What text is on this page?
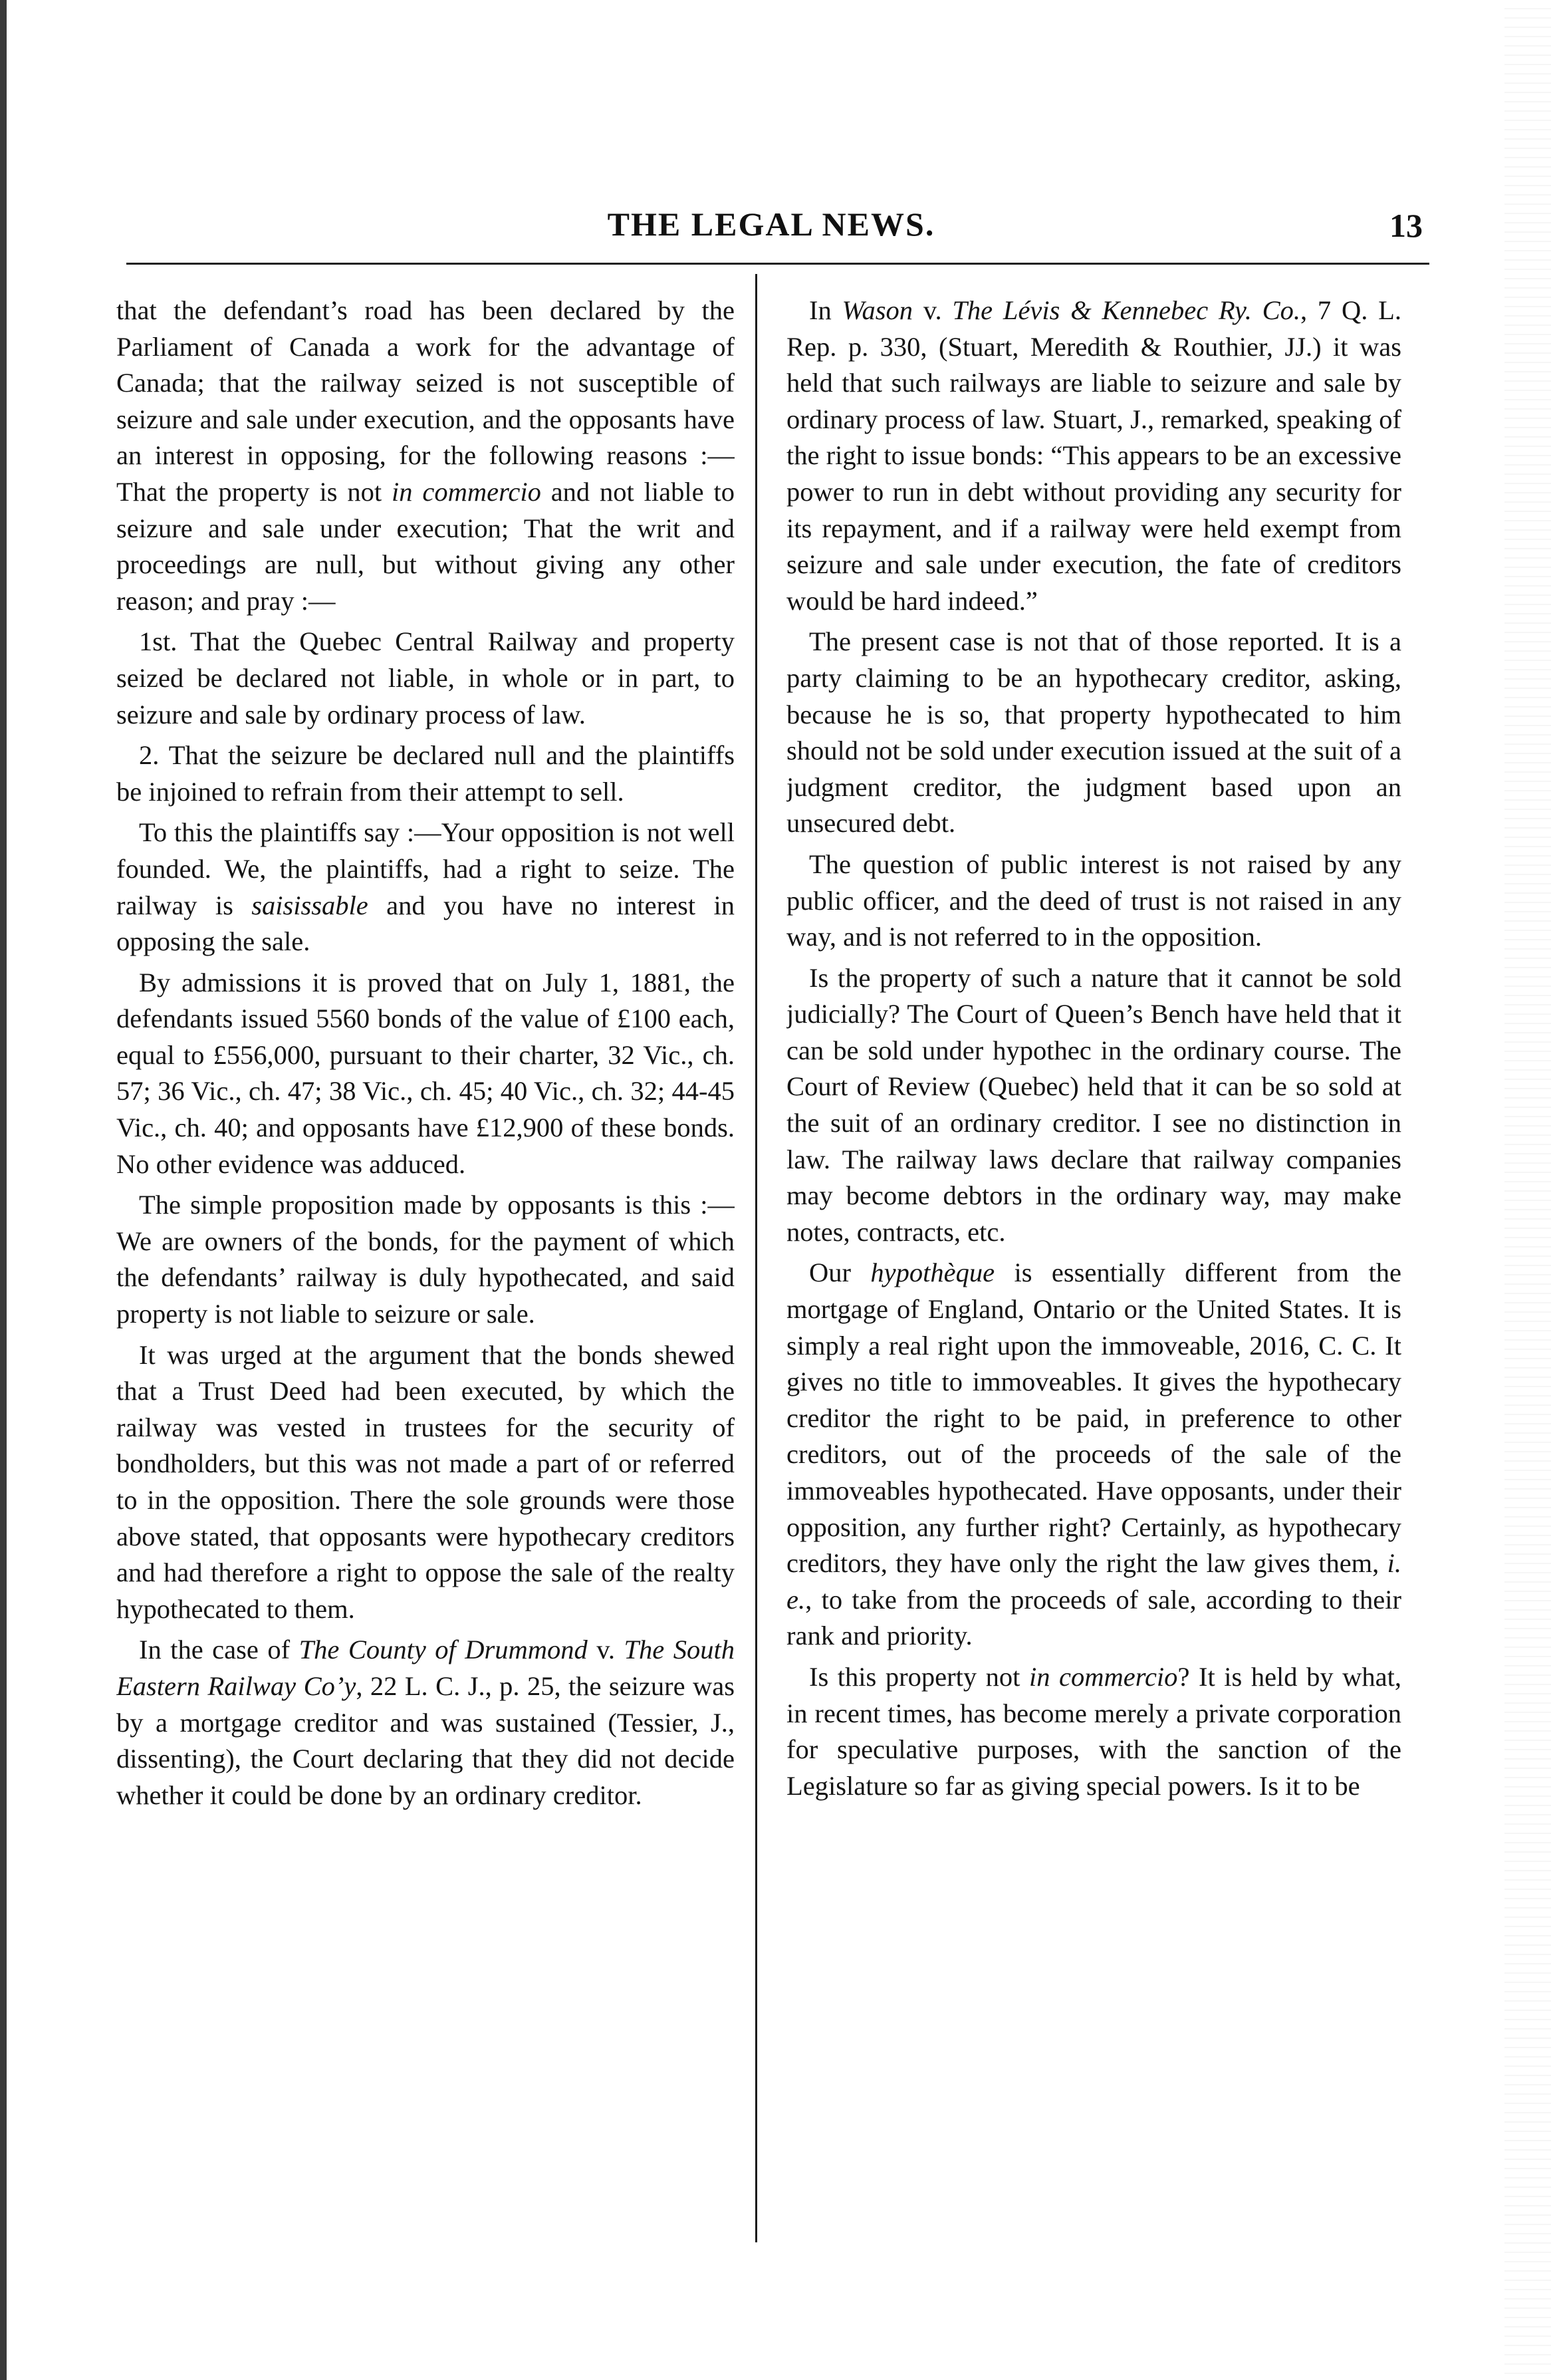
THE LEGAL NEWS.	13

that the defendant’s road has been declared by the Parliament of Canada a work for the advantage of Canada; that the railway seized is not susceptible of seizure and sale under execution, and the opposants have an interest in opposing, for the following reasons :—That the property is not in commercio and not liable to seizure and sale under execution; That the writ and proceedings are null, but without giving any other reason; and pray :—

1st. That the Quebec Central Railway and property seized be declared not liable, in whole or in part, to seizure and sale by ordinary process of law.

2. That the seizure be declared null and the plaintiffs be injoined to refrain from their attempt to sell.

To this the plaintiffs say :—Your opposition is not well founded. We, the plaintiffs, had a right to seize. The railway is saisissable and you have no interest in opposing the sale.

By admissions it is proved that on July 1, 1881, the defendants issued 5560 bonds of the value of £100 each, equal to £556,000, pursuant to their charter, 32 Vic., ch. 57; 36 Vic., ch. 47; 38 Vic., ch. 45; 40 Vic., ch. 32; 44-45 Vic., ch. 40; and opposants have £12,900 of these bonds. No other evidence was adduced.

The simple proposition made by opposants is this :—We are owners of the bonds, for the payment of which the defendants’ railway is duly hypothecated, and said property is not liable to seizure or sale.

It was urged at the argument that the bonds shewed that a Trust Deed had been executed, by which the railway was vested in trustees for the security of bondholders, but this was not made a part of or referred to in the opposition. There the sole grounds were those above stated, that opposants were hypothecary creditors and had therefore a right to oppose the sale of the realty hypothecated to them.

In the case of The County of Drummond v. The South Eastern Railway Co’y, 22 L. C. J., p. 25, the seizure was by a mortgage creditor and was sustained (Tessier, J., dissenting), the Court declaring that they did not decide whether it could be done by an ordinary creditor.

In Wason v. The Lévis & Kennebec Ry. Co., 7 Q. L. Rep. p. 330, (Stuart, Meredith & Routhier, JJ.) it was held that such railways are liable to seizure and sale by ordinary process of law. Stuart, J., remarked, speaking of the right to issue bonds: “This appears to be an excessive power to run in debt without providing any security for its repayment, and if a railway were held exempt from seizure and sale under execution, the fate of creditors would be hard indeed.”

The present case is not that of those reported. It is a party claiming to be an hypothecary creditor, asking, because he is so, that property hypothecated to him should not be sold under execution issued at the suit of a judgment creditor, the judgment based upon an unsecured debt.

The question of public interest is not raised by any public officer, and the deed of trust is not raised in any way, and is not referred to in the opposition.

Is the property of such a nature that it cannot be sold judicially? The Court of Queen’s Bench have held that it can be sold under hypothec in the ordinary course. The Court of Review (Quebec) held that it can be so sold at the suit of an ordinary creditor. I see no distinction in law. The railway laws declare that railway companies may become debtors in the ordinary way, may make notes, contracts, etc.

Our hypothèque is essentially different from the mortgage of England, Ontario or the United States. It is simply a real right upon the immoveable, 2016, C. C. It gives no title to immoveables. It gives the hypothecary creditor the right to be paid, in preference to other creditors, out of the proceeds of the sale of the immoveables hypothecated. Have opposants, under their opposition, any further right? Certainly, as hypothecary creditors, they have only the right the law gives them, i. e., to take from the proceeds of sale, according to their rank and priority.

Is this property not in commercio? It is held by what, in recent times, has become merely a private corporation for speculative purposes, with the sanction of the Legislature so far as giving special powers. Is it to be
